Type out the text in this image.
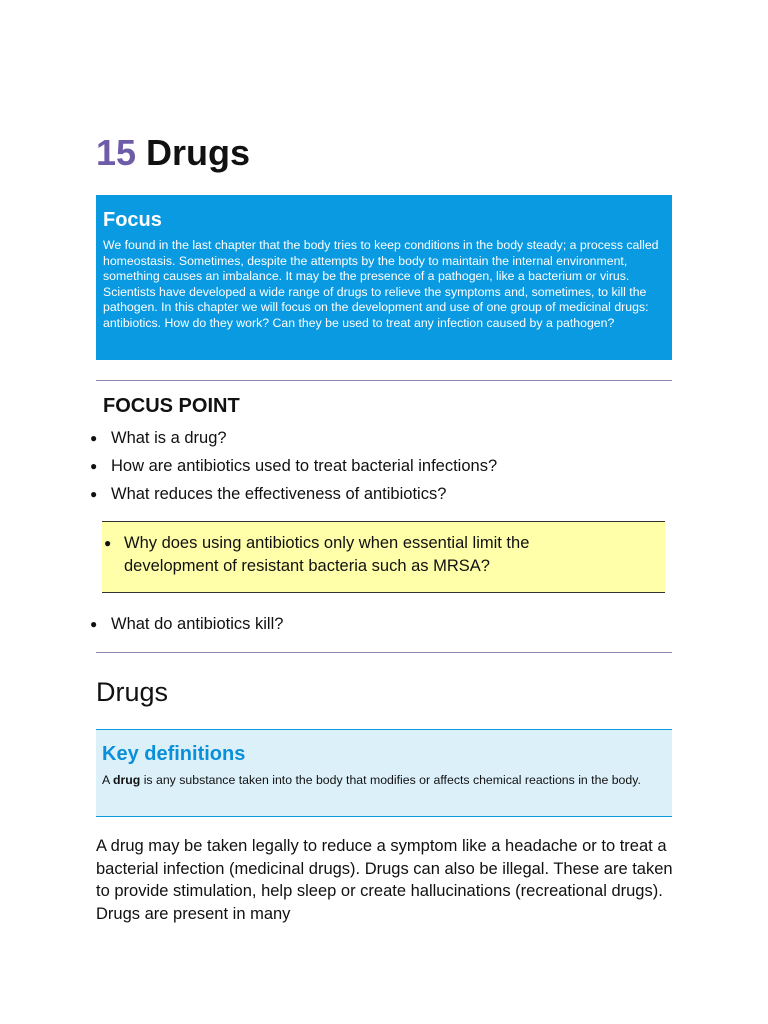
15 Drugs

Focus

We found in the last chapter that the body tries to keep conditions in the body steady; a process called homeostasis. Sometimes, despite the attempts by the body to maintain the internal environment, something causes an imbalance. It may be the presence of a pathogen, like a bacterium or virus. Scientists have developed a wide range of drugs to relieve the symptoms and, sometimes, to kill the pathogen. In this chapter we will focus on the development and use of one group of medicinal drugs: antibiotics. How do they work? Can they be used to treat any infection caused by a pathogen?

FOCUS POINT
● What is a drug?
● How are antibiotics used to treat bacterial infections?
● What reduces the effectiveness of antibiotics?
● Why does using antibiotics only when essential limit the development of resistant bacteria such as MRSA?
● What do antibiotics kill?
Drugs

Key definitions

A drug is any substance taken into the body that modifies or affects chemical reactions in the body.

A drug may be taken legally to reduce a symptom like a headache or to treat a bacterial infection (medicinal drugs). Drugs can also be illegal. These are taken to provide stimulation, help sleep or create hallucinations (recreational drugs). Drugs are present in many
